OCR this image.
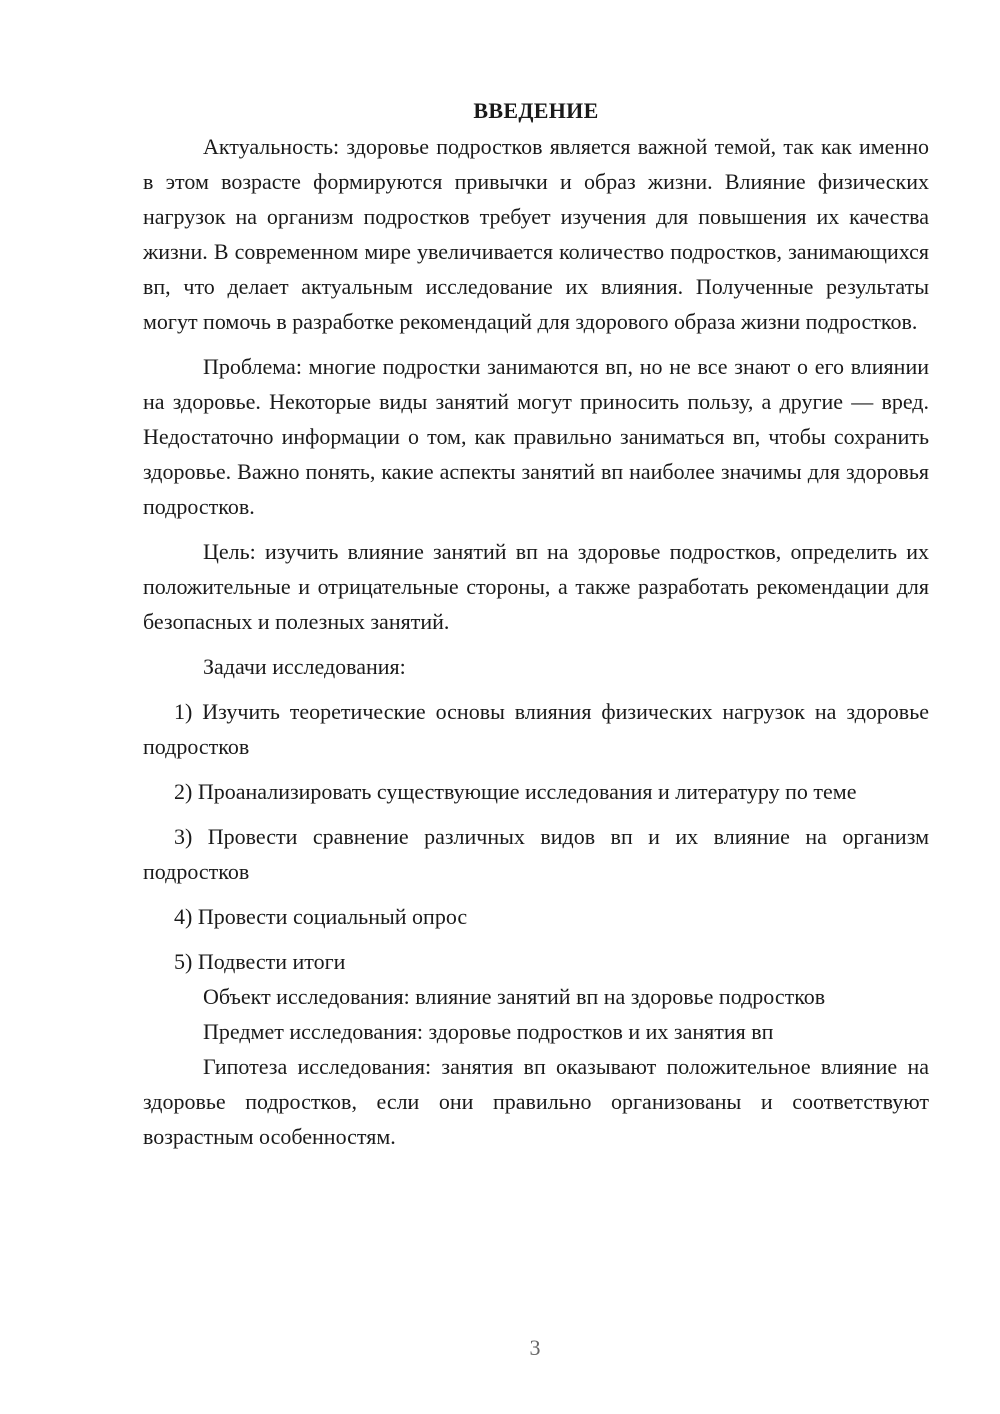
ВВЕДЕНИЕ

Актуальность: здоровье подростков является важной темой, так как именно в этом возрасте формируются привычки и образ жизни. Влияние физических нагрузок на организм подростков требует изучения для повышения их качества жизни. В современном мире увеличивается количество подростков, занимающихся вп, что делает актуальным исследование их влияния. Полученные результаты могут помочь в разработке рекомендаций для здорового образа жизни подростков.

Проблема: многие подростки занимаются вп, но не все знают о его влиянии на здоровье. Некоторые виды занятий могут приносить пользу, а другие — вред. Недостаточно информации о том, как правильно заниматься вп, чтобы сохранить здоровье. Важно понять, какие аспекты занятий вп наиболее значимы для здоровья подростков.

Цель: изучить влияние занятий вп на здоровье подростков, определить их положительные и отрицательные стороны, а также разработать рекомендации для безопасных и полезных занятий.

Задачи исследования:

1) Изучить теоретические основы влияния физических нагрузок на здоровье подростков

2) Проанализировать существующие исследования и литературу по теме

3) Провести сравнение различных видов вп и их влияние на организм подростков

4) Провести социальный опрос

5) Подвести итоги

Объект исследования: влияние занятий вп на здоровье подростков

Предмет исследования: здоровье подростков и их занятия вп

Гипотеза исследования: занятия вп оказывают положительное влияние на здоровье подростков, если они правильно организованы и соответствуют возрастным особенностям.

3
